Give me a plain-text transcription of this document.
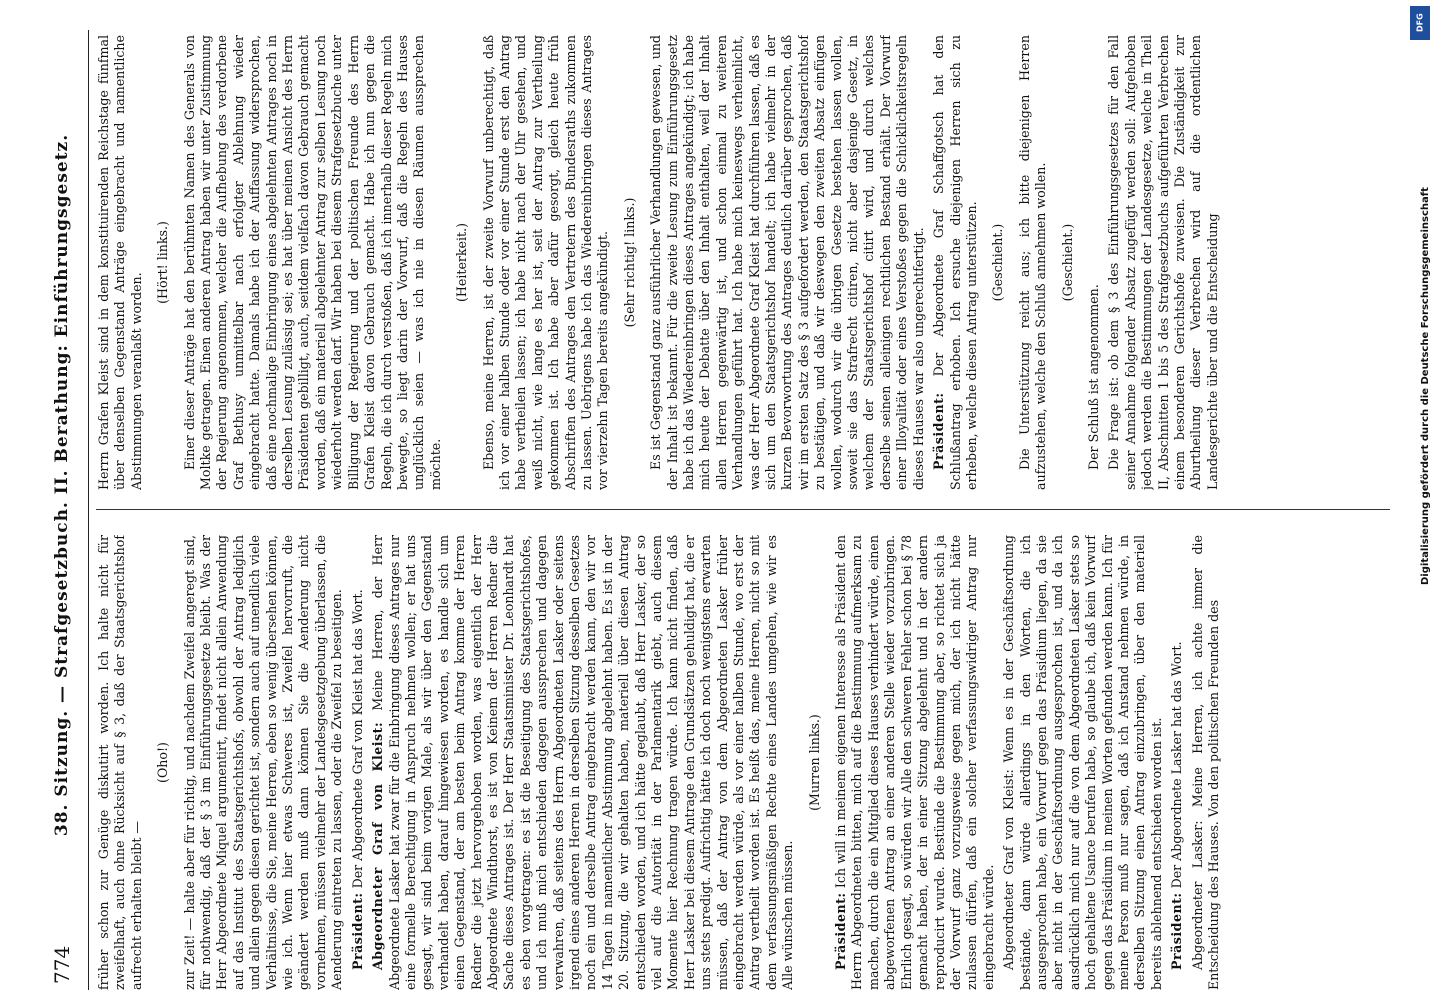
774
38. Sitzung. — Strafgesetzbuch. II. Berathung: Einführungsgesetz. früher schon zur Genüge diskutirt worden. Ich halte nicht für zweifelhaft, auch ohne Rücksicht auf § 3, daß der Staatsgerichtshof aufrecht erhalten bleibt —

(Oho!) zur Zeit! — halte aber für richtig, und nachdem Zweifel angeregt sind, für nothwendig, daß der § 3 im Einführungsgesetze bleibt. Was der Herr Abgeordnete Miquel argumentirt, findet nicht allein Anwendung auf das Institut des Staatsgerichtshofs, obwohl der Antrag lediglich und allein gegen diesen gerichtet ist, sondern auch auf unendlich viele Verhältnisse, die Sie, meine Herren, eben so wenig übersehen können, wie ich. Wenn hier etwas Schweres ist, Zweifel hervorruft, die geändert werden muß dann können Sie die Aenderung nicht vornehmen, müssen vielmehr der Landesgesetzgebung überlassen, die Aenderung eintreten zu lassen, oder die Zweifel zu beseitigen. Präsident: Der Abgeordnete Graf von Kleist hat das Wort. Abgeordneter Graf von Kleist: Meine Herren, der Herr Abgeordnete Lasker hat zwar für die Einbringung dieses Antrages nur eine formelle Berechtigung in Anspruch nehmen wollen; er hat uns gesagt, wir sind beim vorigen Male, als wir über den Gegenstand verhandelt haben, darauf hingewiesen worden, es handle sich um einen Gegenstand, der am besten beim Antrag komme der Herren Redner die jetzt hervorgehoben worden, was eigentlich der Herr Abgeordnete Windthorst, es ist von Keinem der Herren Redner die Sache dieses Antrages ist. Der Herr Staatsminister Dr. Leonhardt hat es eben vorgetragen: es ist die Beseitigung des Staatsgerichtshofes, und ich muß mich entschieden dagegen aussprechen und dagegen verwahren, daß seitens des Herrn Abgeordneten Lasker oder seitens irgend eines anderen Herren in derselben Sitzung desselben Gesetzes noch ein und derselbe Antrag eingebracht werden kann, den wir vor 14 Tagen in namentlicher Abstimmung abgelehnt haben. Es ist in der 20. Sitzung, die wir gehalten haben, materiell über diesen Antrag entschieden worden, und ich hätte geglaubt, daß Herr Lasker, der so viel auf die Autorität in der Parlamentarik giebt, auch diesem Momente hier Rechnung tragen würde. Ich kann nicht finden, daß Herr Lasker bei diesem Antrage den Grundsätzen gehuldigt hat, die er uns stets predigt. Aufrichtig hätte ich doch noch wenigstens erwarten müssen, daß der Antrag von dem Abgeordneten Lasker früher eingebracht werden würde, als vor einer halben Stunde, wo erst der Antrag vertheilt worden ist. Es heißt das, meine Herren, nicht so mit dem verfassungsmäßigen Rechte eines Landes umgehen, wie wir es Alle wünschen müssen.

(Murren links.)

Präsident: Ich will in meinem eigenen Interesse als Präsident den Herrn Abgeordneten bitten, mich auf die Bestimmung aufmerksam zu machen, durch die ein Mitglied dieses Hauses verhindert würde, einen abgeworfenen Antrag an einer anderen Stelle wieder vorzubringen. Ehrlich gesagt, so würden wir Alle den schweren Fehler schon bei § 78 gemacht haben, der in einer Sitzung abgelehnt und in der andern reproducirt wurde. Bestünde die Bestimmung aber, so richtet sich ja der Vorwurf ganz vorzugsweise gegen mich, der ich nicht hätte zulassen dürfen, daß ein solcher verfassungswidriger Antrag nur eingebracht würde. Abgeordneter Graf von Kleist: Wenn es in der Geschäftsordnung bestände, dann würde allerdings in den Worten, die ich ausgesprochen habe, ein Vorwurf gegen das Präsidium liegen, da sie aber nicht in der Geschäftsordnung ausgesprochen ist, und da ich ausdrücklich mich nur auf die von dem Abgeordneten Lasker stets so hoch gehaltene Usance berufen habe, so glaube ich, daß kein Vorwurf gegen das Präsidium in meinen Worten gefunden werden kann. Ich für meine Person muß nur sagen, daß ich Anstand nehmen würde, in derselben Sitzung einen Antrag einzubringen, über den materiell bereits ablehnend entschieden worden ist. Präsident: Der Abgeordnete Lasker hat das Wort. Abgeordneter Lasker: Meine Herren, ich achte immer die Entscheidung des Hauses. Von den politischen Freunden des

Herrn Grafen Kleist sind in dem konstituirenden Reichstage fünfmal über denselben Gegenstand Anträge eingebracht und namentliche Abstimmungen veranlaßt worden.

(Hört! links.) Einer dieser Anträge hat den berühmten Namen des Generals von Moltke getragen. Einen anderen Antrag haben wir unter Zustimmung der Regierung angenommen, welcher die Aufhebung des verdorbene Graf Bethusy unmittelbar nach erfolgter Ablehnung wieder eingebracht hatte. Damals habe ich der Auffassung widersprochen, daß eine nochmalige Einbringung eines abgelehnten Antrages noch in derselben Lesung zulässig sei; es hat über meinen Ansicht des Herrn Präsidenten gebilligt, auch, seitdem vielfach davon Gebrauch gemacht worden, daß ein materiell abgelehnter Antrag zur selben Lesung noch wiederholt werden darf. Wir haben bei diesem Strafgesetzbuche unter Billigung der Regierung und der politischen Freunde des Herrn Grafen Kleist davon Gebrauch gemacht. Habe ich nun gegen die Regeln, die ich durch verstoßen, daß ich innerhalb dieser Regeln mich bewegte, so liegt darin der Vorwurf, daß die Regeln des Hauses unglücklich seien — was ich nie in diesen Räumen aussprechen möchte.

(Heiterkeit.) Ebenso, meine Herren, ist der zweite Vorwurf unberechtigt, daß ich vor einer halben Stunde oder vor einer Stunde erst den Antrag habe vertheilen lassen; ich habe nicht nach der Uhr gesehen, und weiß nicht, wie lange es her ist, seit der Antrag zur Vertheilung gekommen ist. Ich habe aber dafür gesorgt, gleich heute früh Abschriften des Antrages den Vertretern des Bundesraths zukommen zu lassen. Uebrigens habe ich das Wiedereinbringen dieses Antrages vor vierzehn Tagen bereits angekündigt. (Sehr richtig! links.) Es ist Gegenstand ganz ausführlicher Verhandlungen gewesen, und der Inhalt ist bekannt. Für die zweite Lesung zum Einführungsgesetz habe ich das Wiedereinbringen dieses Antrages angekündigt; ich habe mich heute der Debatte über den Inhalt enthalten, weil der Inhalt allen Herren gegenwärtig ist, und schon einmal zu weiteren Verhandlungen geführt hat. Ich habe mich keineswegs verheimlicht, was der Herr Abgeordnete Graf Kleist hat durchführen lassen, daß es sich um den Staatsgerichtshof handelt; ich habe vielmehr in der kurzen Bevorwortung des Antrages deutlich darüber gesprochen, daß wir im ersten Satz des § 3 aufgefordert werden, den Staatsgerichtshof zu bestätigen, und daß wir deswegen den zweiten Absatz einfügen wollen, wodurch wir die übrigen Gesetze bestehen lassen wollen, soweit sie das Strafrecht citiren, nicht aber dasjenige Gesetz, in welchem der Staatsgerichtshof citirt wird, und durch welches derselbe seinen alleinigen rechtlichen Bestand erhält. Der Vorwurf einer Illoyalität oder eines Verstoßes gegen die Schicklichkeitsregeln dieses Hauses war also ungerechtfertigt. Präsident: Der Abgeordnete Graf Schaffgotsch hat den Schlußantrag erhoben. Ich ersuche diejenigen Herren sich zu erheben, welche diesen Antrag unterstützen. (Geschieht.) Die Unterstützung reicht aus; ich bitte diejenigen Herren aufzustehen, welche den Schluß annehmen wollen. (Geschieht.)

Der Schluß ist angenommen. Die Frage ist: ob dem § 3 des Einführungsgesetzes für den Fall seiner Annahme folgender Absatz zugefügt werden soll: Aufgehoben jedoch werden die Bestimmungen der Landesgesetze, welche in Theil II, Abschnitten 1 bis 5 des Strafgesetzbuchs aufgeführten Verbrechen einem besonderen Gerichtshofe zuweisen. Die Zuständigkeit zur Aburtheilung dieser Verbrechen wird auf die ordentlichen Landesgerichte über und die Entscheidung

DFG
Digitalisierung gefördert durch die Deutsche Forschungsgemeinschaft
